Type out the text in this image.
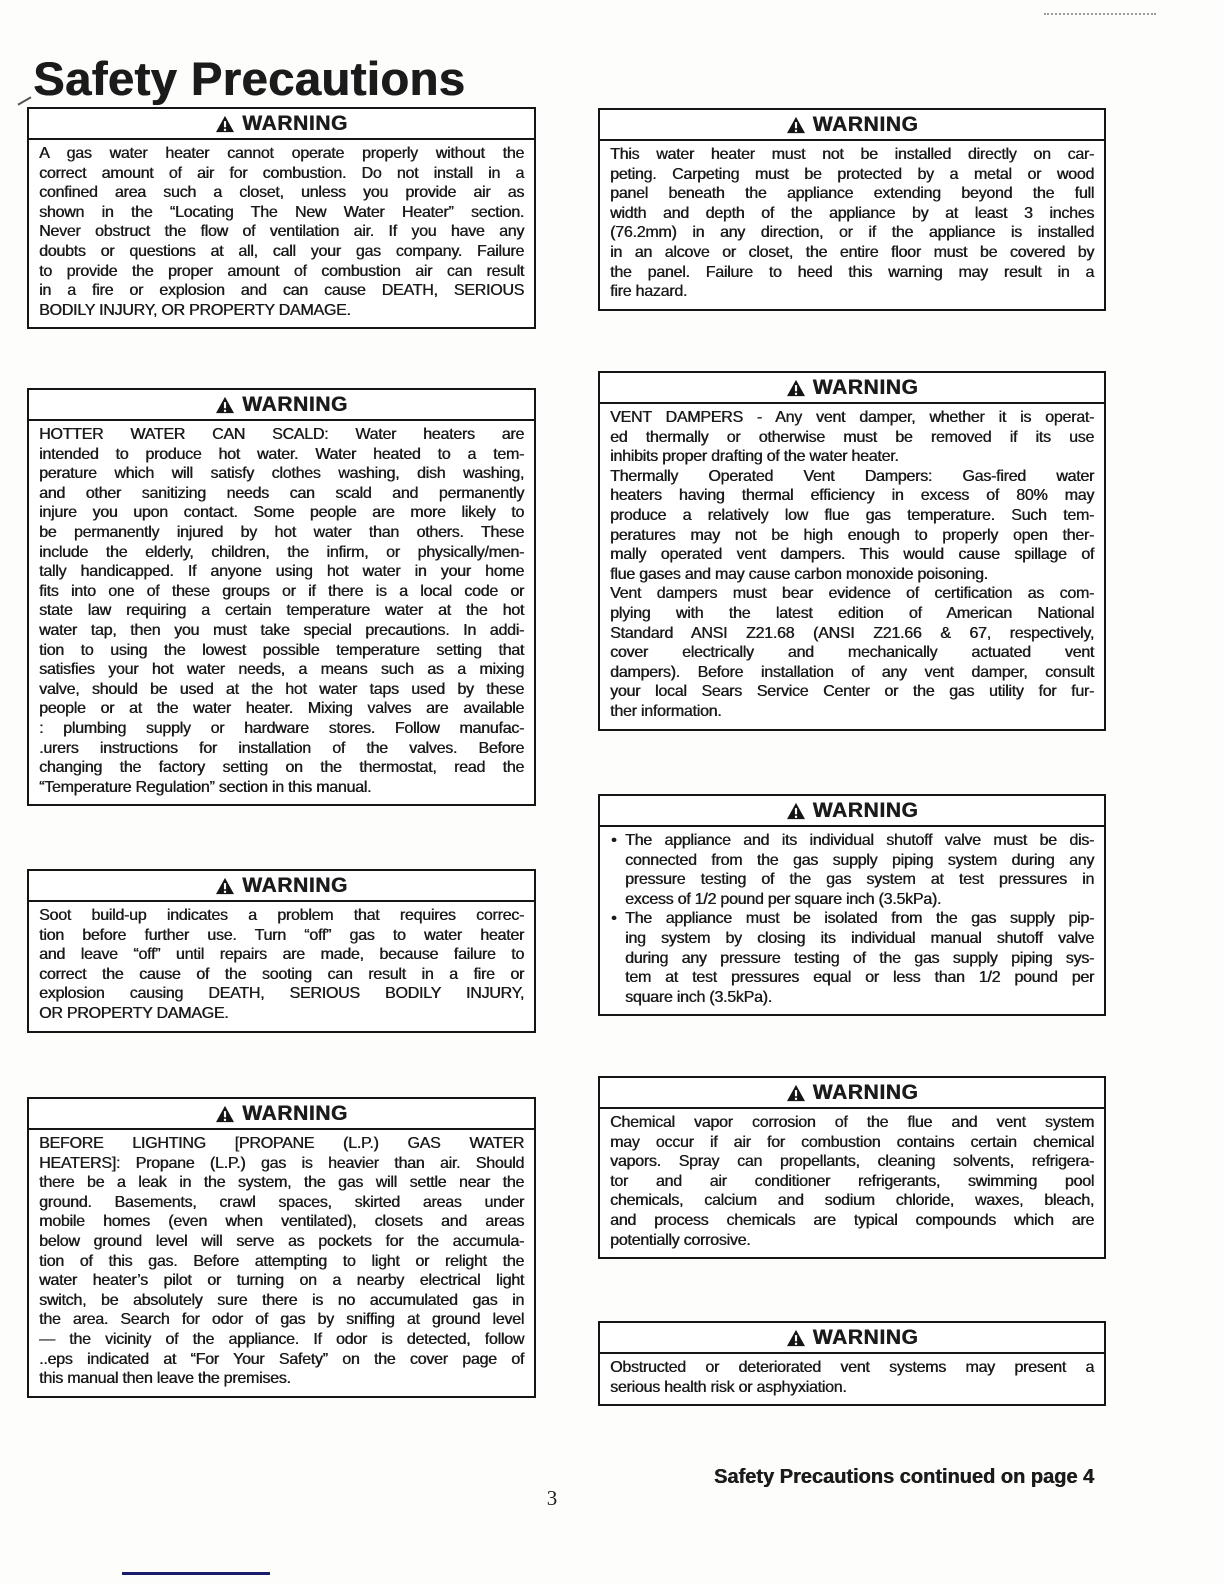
Safety Precautions
WARNING
A gas water heater cannot operate properly without the
correct amount of air for combustion. Do not install in a
confined area such a closet, unless you provide air as
shown in the “Locating The New Water Heater” section.
Never obstruct the flow of ventilation air. If you have any
doubts or questions at all, call your gas company. Failure
to provide the proper amount of combustion air can result
in a fire or explosion and can cause DEATH, SERIOUS
BODILY INJURY, OR PROPERTY DAMAGE.
WARNING
HOTTER WATER CAN SCALD: Water heaters are
intended to produce hot water. Water heated to a tem-
perature which will satisfy clothes washing, dish washing,
and other sanitizing needs can scald and permanently
injure you upon contact. Some people are more likely to
be permanently injured by hot water than others. These
include the elderly, children, the infirm, or physically/men-
tally handicapped. If anyone using hot water in your home
fits into one of these groups or if there is a local code or
state law requiring a certain temperature water at the hot
water tap, then you must take special precautions. In addi-
tion to using the lowest possible temperature setting that
satisfies your hot water needs, a means such as a mixing
valve, should be used at the hot water taps used by these
people or at the water heater. Mixing valves are available
: plumbing supply or hardware stores. Follow manufac-
.urers instructions for installation of the valves. Before
changing the factory setting on the thermostat, read the
“Temperature Regulation” section in this manual.
WARNING
Soot build-up indicates a problem that requires correc-
tion before further use. Turn “off” gas to water heater
and leave “off” until repairs are made, because failure to
correct the cause of the sooting can result in a fire or
explosion causing DEATH, SERIOUS BODILY INJURY,
OR PROPERTY DAMAGE.
WARNING
BEFORE LIGHTING [PROPANE (L.P.) GAS WATER
HEATERS]: Propane (L.P.) gas is heavier than air. Should
there be a leak in the system, the gas will settle near the
ground. Basements, crawl spaces, skirted areas under
mobile homes (even when ventilated), closets and areas
below ground level will serve as pockets for the accumula-
tion of this gas. Before attempting to light or relight the
water heater’s pilot or turning on a nearby electrical light
switch, be absolutely sure there is no accumulated gas in
the area. Search for odor of gas by sniffing at ground level
— the vicinity of the appliance. If odor is detected, follow
..eps indicated at “For Your Safety” on the cover page of
this manual then leave the premises.
WARNING
This water heater must not be installed directly on car-
peting. Carpeting must be protected by a metal or wood
panel beneath the appliance extending beyond the full
width and depth of the appliance by at least 3 inches
(76.2mm) in any direction, or if the appliance is installed
in an alcove or closet, the entire floor must be covered by
the panel. Failure to heed this warning may result in a
fire hazard.
WARNING
VENT DAMPERS - Any vent damper, whether it is operat-
ed thermally or otherwise must be removed if its use
inhibits proper drafting of the water heater.
Thermally Operated Vent Dampers: Gas-fired water
heaters having thermal efficiency in excess of 80% may
produce a relatively low flue gas temperature. Such tem-
peratures may not be high enough to properly open ther-
mally operated vent dampers. This would cause spillage of
flue gases and may cause carbon monoxide poisoning.
Vent dampers must bear evidence of certification as com-
plying with the latest edition of American National
Standard ANSI Z21.68 (ANSI Z21.66 & 67, respectively,
cover electrically and mechanically actuated vent
dampers). Before installation of any vent damper, consult
your local Sears Service Center or the gas utility for fur-
ther information.
WARNING
• The appliance and its individual shutoff valve must be dis-
connected from the gas supply piping system during any
pressure testing of the gas system at test pressures in
excess of 1/2 pound per square inch (3.5kPa).
• The appliance must be isolated from the gas supply pip-
ing system by closing its individual manual shutoff valve
during any pressure testing of the gas supply piping sys-
tem at test pressures equal or less than 1/2 pound per
square inch (3.5kPa).
WARNING
Chemical vapor corrosion of the flue and vent system
may occur if air for combustion contains certain chemical
vapors. Spray can propellants, cleaning solvents, refrigera-
tor and air conditioner refrigerants, swimming pool
chemicals, calcium and sodium chloride, waxes, bleach,
and process chemicals are typical compounds which are
potentially corrosive.
WARNING
Obstructed or deteriorated vent systems may present a
serious health risk or asphyxiation.
Safety Precautions continued on page 4
3
